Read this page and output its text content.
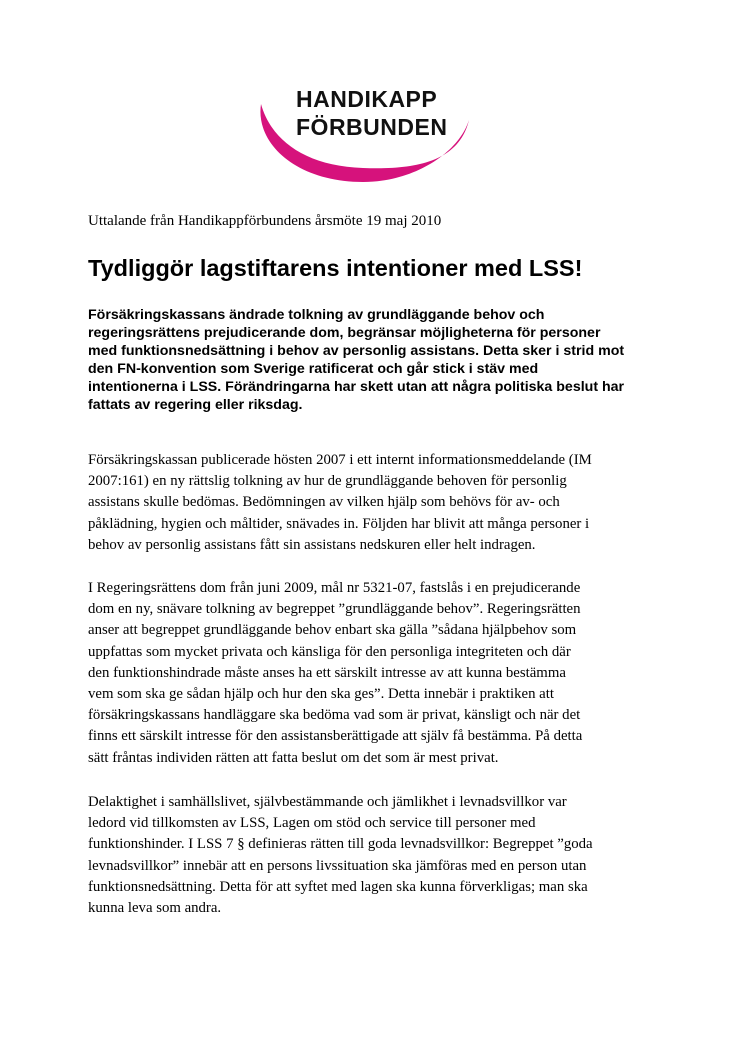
HANDIKAPP
FÖRBUNDEN
Uttalande från Handikappförbundens årsmöte 19 maj 2010
Tydliggör lagstiftarens intentioner med LSS!

Försäkringskassans ändrade tolkning av grundläggande behov och
regeringsrättens prejudicerande dom, begränsar möjligheterna för personer
med funktionsnedsättning i behov av personlig assistans. Detta sker i strid mot
den FN-konvention som Sverige ratificerat och går stick i stäv med
intentionerna i LSS. Förändringarna har skett utan att några politiska beslut har
fattats av regering eller riksdag.

Försäkringskassan publicerade hösten 2007 i ett internt informationsmeddelande (IM
2007:161) en ny rättslig tolkning av hur de grundläggande behoven för personlig
assistans skulle bedömas. Bedömningen av vilken hjälp som behövs för av- och
påklädning, hygien och måltider, snävades in. Följden har blivit att många personer i
behov av personlig assistans fått sin assistans nedskuren eller helt indragen.

I Regeringsrättens dom från juni 2009, mål nr 5321-07, fastslås i en prejudicerande
dom en ny, snävare tolkning av begreppet ”grundläggande behov”. Regeringsrätten
anser att begreppet grundläggande behov enbart ska gälla ”sådana hjälpbehov som
uppfattas som mycket privata och känsliga för den personliga integriteten och där
den funktionshindrade måste anses ha ett särskilt intresse av att kunna bestämma
vem som ska ge sådan hjälp och hur den ska ges”. Detta innebär i praktiken att
försäkringskassans handläggare ska bedöma vad som är privat, känsligt och när det
finns ett särskilt intresse för den assistansberättigade att själv få bestämma. På detta
sätt fråntas individen rätten att fatta beslut om det som är mest privat.

Delaktighet i samhällslivet, självbestämmande och jämlikhet i levnadsvillkor var
ledord vid tillkomsten av LSS, Lagen om stöd och service till personer med
funktionshinder. I LSS 7 § definieras rätten till goda levnadsvillkor: Begreppet ”goda
levnadsvillkor” innebär att en persons livssituation ska jämföras med en person utan
funktionsnedsättning. Detta för att syftet med lagen ska kunna förverkligas; man ska
kunna leva som andra.
